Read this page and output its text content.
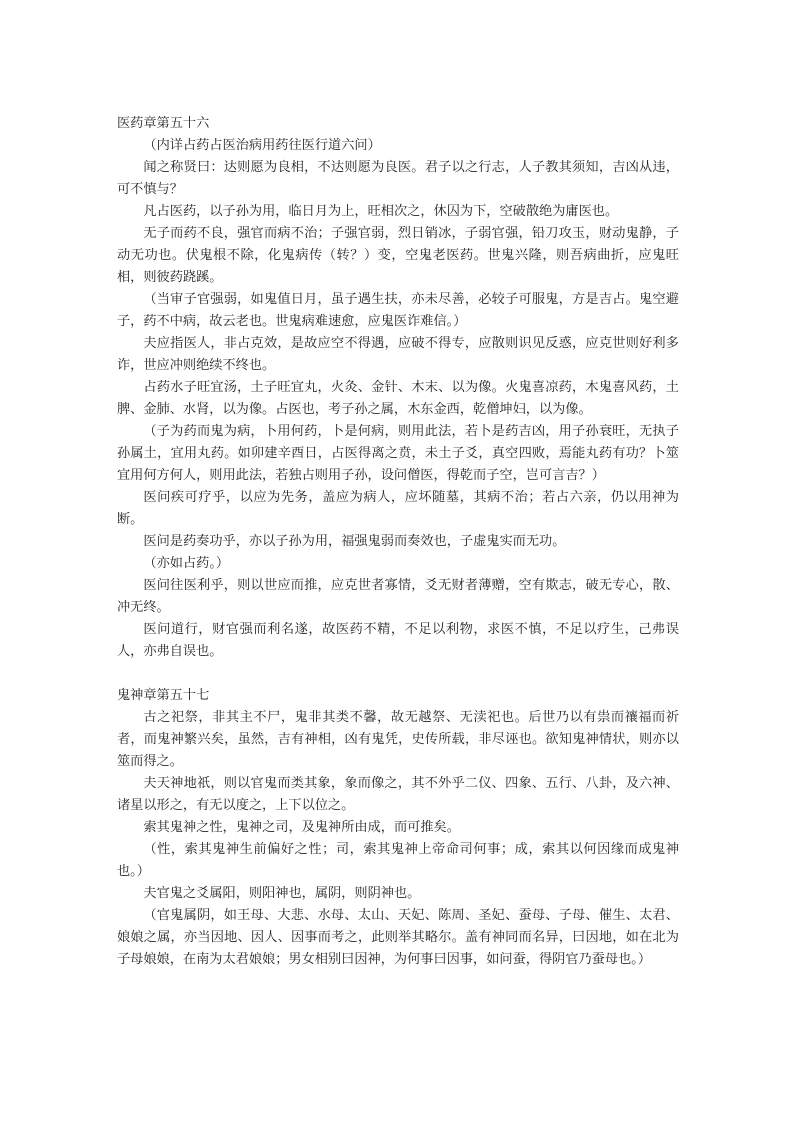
医药章第五十六

（内详占药占医治病用药往医行道六问）

闻之称贤曰：达则愿为良相，不达则愿为良医。君子以之行志，人子教其须知，吉凶从违，可不慎与？

凡占医药，以子孙为用，临日月为上，旺相次之，休囚为下，空破散绝为庸医也。

无子而药不良，强官而病不治；子强官弱，烈日销冰，子弱官强，铅刀攻玉，财动鬼静，子动无功也。伏鬼根不除，化鬼病传（转？）变，空鬼老医药。世鬼兴隆，则吾病曲折，应鬼旺相，则彼药跷蹊。

（当审子官强弱，如鬼值日月，虽子遇生扶，亦未尽善，必较子可服鬼，方是吉占。鬼空避子，药不中病，故云老也。世鬼病难速愈，应鬼医诈难信。）

夫应指医人，非占克效，是故应空不得遇，应破不得专，应散则识见反惑，应克世则好利多诈，世应冲则绝续不终也。

占药水子旺宜汤，土子旺宜丸，火灸、金针、木末、以为像。火鬼喜凉药，木鬼喜风药，土脾、金肺、水肾，以为像。占医也，考子孙之属，木东金西，乾僧坤妇，以为像。

（子为药而鬼为病，卜用何药，卜是何病，则用此法，若卜是药吉凶，用子孙衰旺，无执子孙属土，宜用丸药。如卯建辛酉日，占医得离之贲，未土子爻，真空四败，焉能丸药有功？卜筮宜用何方何人，则用此法，若独占则用子孙，设问僧医，得乾而子空，岂可言吉？）

医问疾可疗乎，以应为先务，盖应为病人，应坏随墓，其病不治；若占六亲，仍以用神为断。

医问是药奏功乎，亦以子孙为用，福强鬼弱而奏效也，子虚鬼实而无功。

（亦如占药。）

医问往医利乎，则以世应而推，应克世者寡情，爻无财者薄赠，空有欺志，破无专心，散、冲无终。

医问道行，财官强而利名遂，故医药不精，不足以利物，求医不慎，不足以疗生，己弗误人，亦弗自误也。

鬼神章第五十七

古之祀祭，非其主不尸，鬼非其类不馨，故无越祭、无渎祀也。后世乃以有祟而禳福而祈者，而鬼神繁兴矣，虽然，吉有神相，凶有鬼凭，史传所载，非尽诬也。欲知鬼神情状，则亦以筮而得之。

夫天神地祇，则以官鬼而类其象，象而像之，其不外乎二仪、四象、五行、八卦，及六神、诸星以形之，有无以度之，上下以位之。

索其鬼神之性，鬼神之司，及鬼神所由成，而可推矣。

（性，索其鬼神生前偏好之性；司，索其鬼神上帝命司何事；成，索其以何因缘而成鬼神也。）

夫官鬼之爻属阳，则阳神也，属阴，则阴神也。

（官鬼属阴，如王母、大悲、水母、太山、天妃、陈周、圣妃、蚕母、子母、催生、太君、娘娘之属，亦当因地、因人、因事而考之，此则举其略尔。盖有神同而名异，曰因地，如在北为子母娘娘，在南为太君娘娘；男女相别曰因神，为何事曰因事，如问蚕，得阴官乃蚕母也。）
